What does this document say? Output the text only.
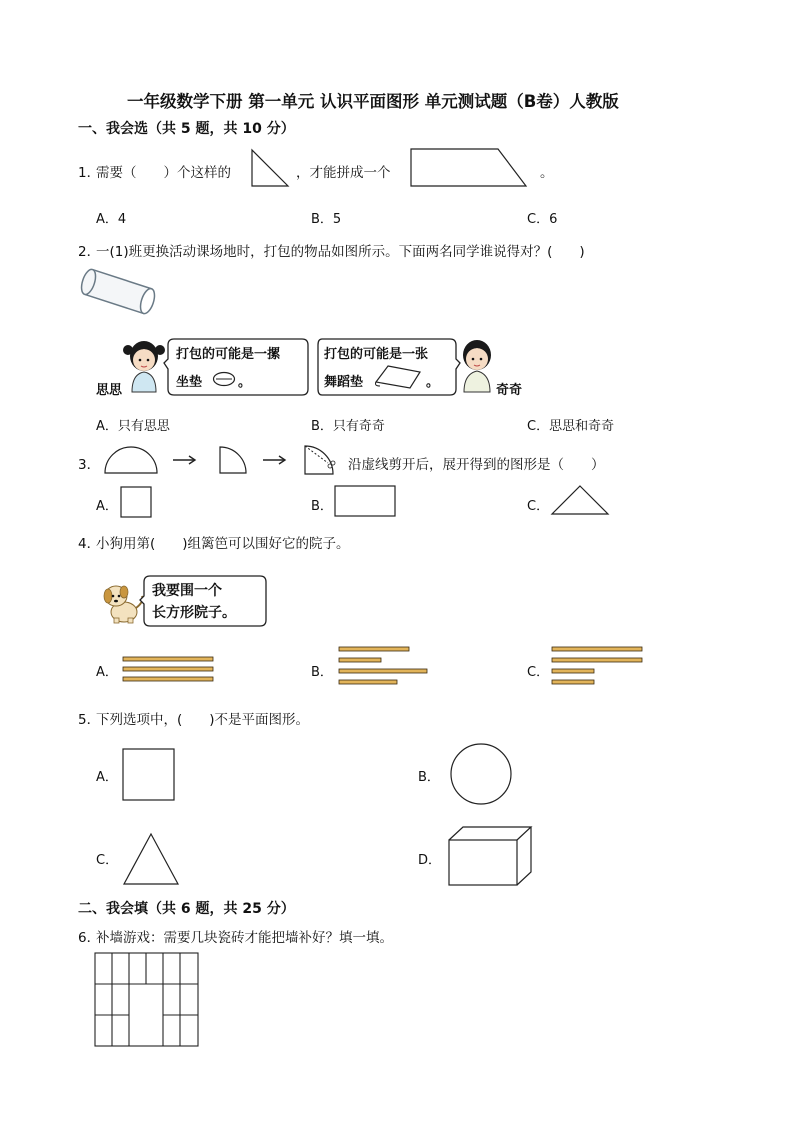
一年级数学下册 第一单元 认识平面图形 单元测试题（B卷）人教版
一、我会选（共 5 题，共 10 分）
1．
需要（　　）个这样的	，才能拼成一个	。
A．4	B．5	C．6
2．
一(1)班更换活动课场地时，打包的物品如图所示。下面两名同学谁说得对？(　　)
思思
打包的可能是一摞
坐垫	。
打包的可能是一张
舞蹈垫	。
奇奇
A．只有思思	B．只有奇奇	C．思思和奇奇
3．	沿虚线剪开后，展开得到的图形是（　　）
A．	B．	C．
4．
小狗用第(　　)组篱笆可以围好它的院子。
我要围一个
长方形院子。
A．	B．	C．
5．
下列选项中，(　　)不是平面图形。
A．	B．
C．	D．
二、我会填（共 6 题，共 25 分）
6．
补墙游戏：需要几块瓷砖才能把墙补好？填一填。
